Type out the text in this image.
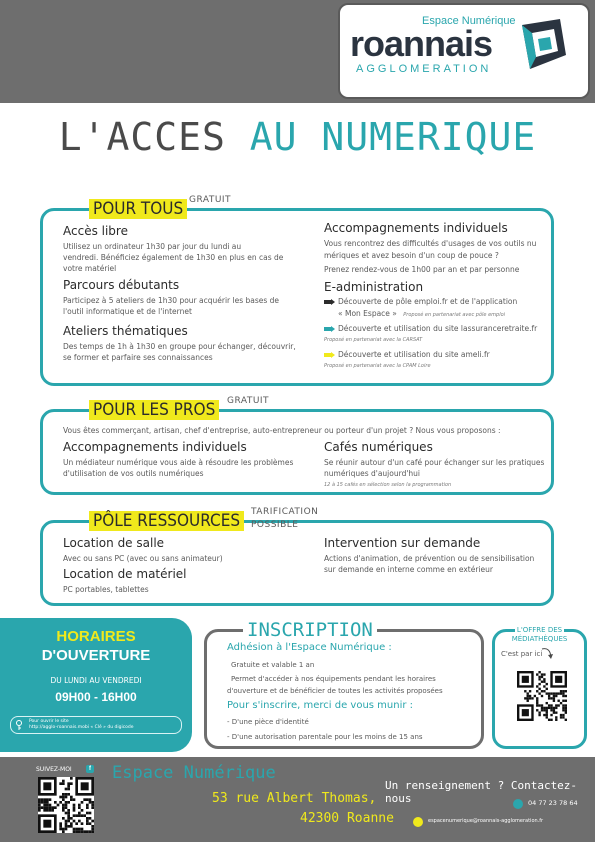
Espace Numérique
roannais
AGGLOMERATION
L'ACCES AU NUMERIQUE
POUR TOUS GRATUIT
Accès libre
Utilisez un ordinateur 1h30 par jour du lundi au
vendredi. Bénéficiez également de 1h30 en plus en cas de
votre matériel
Parcours débutants
Participez à 5 ateliers de 1h30 pour acquérir les bases de
l'outil informatique et de l'internet
Ateliers thématiques
Des temps de 1h à 1h30 en groupe pour échanger, découvrir,
se former et parfaire ses connaissances
Accompagnements individuels
Vous rencontrez des difficultés d'usages de vos outils nu
mériques et avez besoin d'un coup de pouce ?
Prenez rendez-vous de 1h00 par an et par personne
E-administration
Découverte de pôle emploi.fr et de l'application
« Mon Espace » Proposé en partenariat avec pôle emploi
Découverte et utilisation du site lassuranceretraite.fr
Proposé en partenariat avec la CARSAT
Découverte et utilisation du site ameli.fr
Proposé en partenariat avec la CPAM Loire
POUR LES PROS	GRATUIT
Vous êtes commerçant, artisan, chef d'entreprise, auto-entrepreneur ou porteur d'un projet ? Nous vous proposons :
Accompagnements individuels
Un médiateur numérique vous aide à résoudre les problèmes
d'utilisation de vos outils numériques
Cafés numériques
Se réunir autour d'un café pour échanger sur les pratiques
numériques d'aujourd'hui
12 à 15 cafés en sélection selon la programmation
PÔLE RESSOURCES	TARIFICATION
POSSIBLE
Location de salle
Avec ou sans PC (avec ou sans animateur)
Location de matériel
PC portables, tablettes
Intervention sur demande
Actions d'animation, de prévention ou de sensibilisation
sur demande en interne comme en extérieur
HORAIRES
D'OUVERTURE
DU LUNDI AU VENDREDI
09H00 - 16H00
Pour ouvrir le site
http://agglo-roannais.mobi « Clé » du digicode
INSCRIPTION
Adhésion à l'Espace Numérique :
Gratuite et valable 1 an
Permet d'accéder à nos équipements pendant les horaires
d'ouverture et de bénéficier de toutes les activités proposées
Pour s'inscrire, merci de vous munir :
- D'une pièce d'identité
- D'une autorisation parentale pour les moins de 15 ans
L'OFFRE DES
MÉDIATHÈQUES
C'est par ici
SUIVEZ-MOI	f Espace Numérique
53 rue Albert Thomas,
42300 Roanne
Un renseignement ? Contactez-nous	04 77 23 78 64
espacenumerique@roannais-agglomeration.fr
